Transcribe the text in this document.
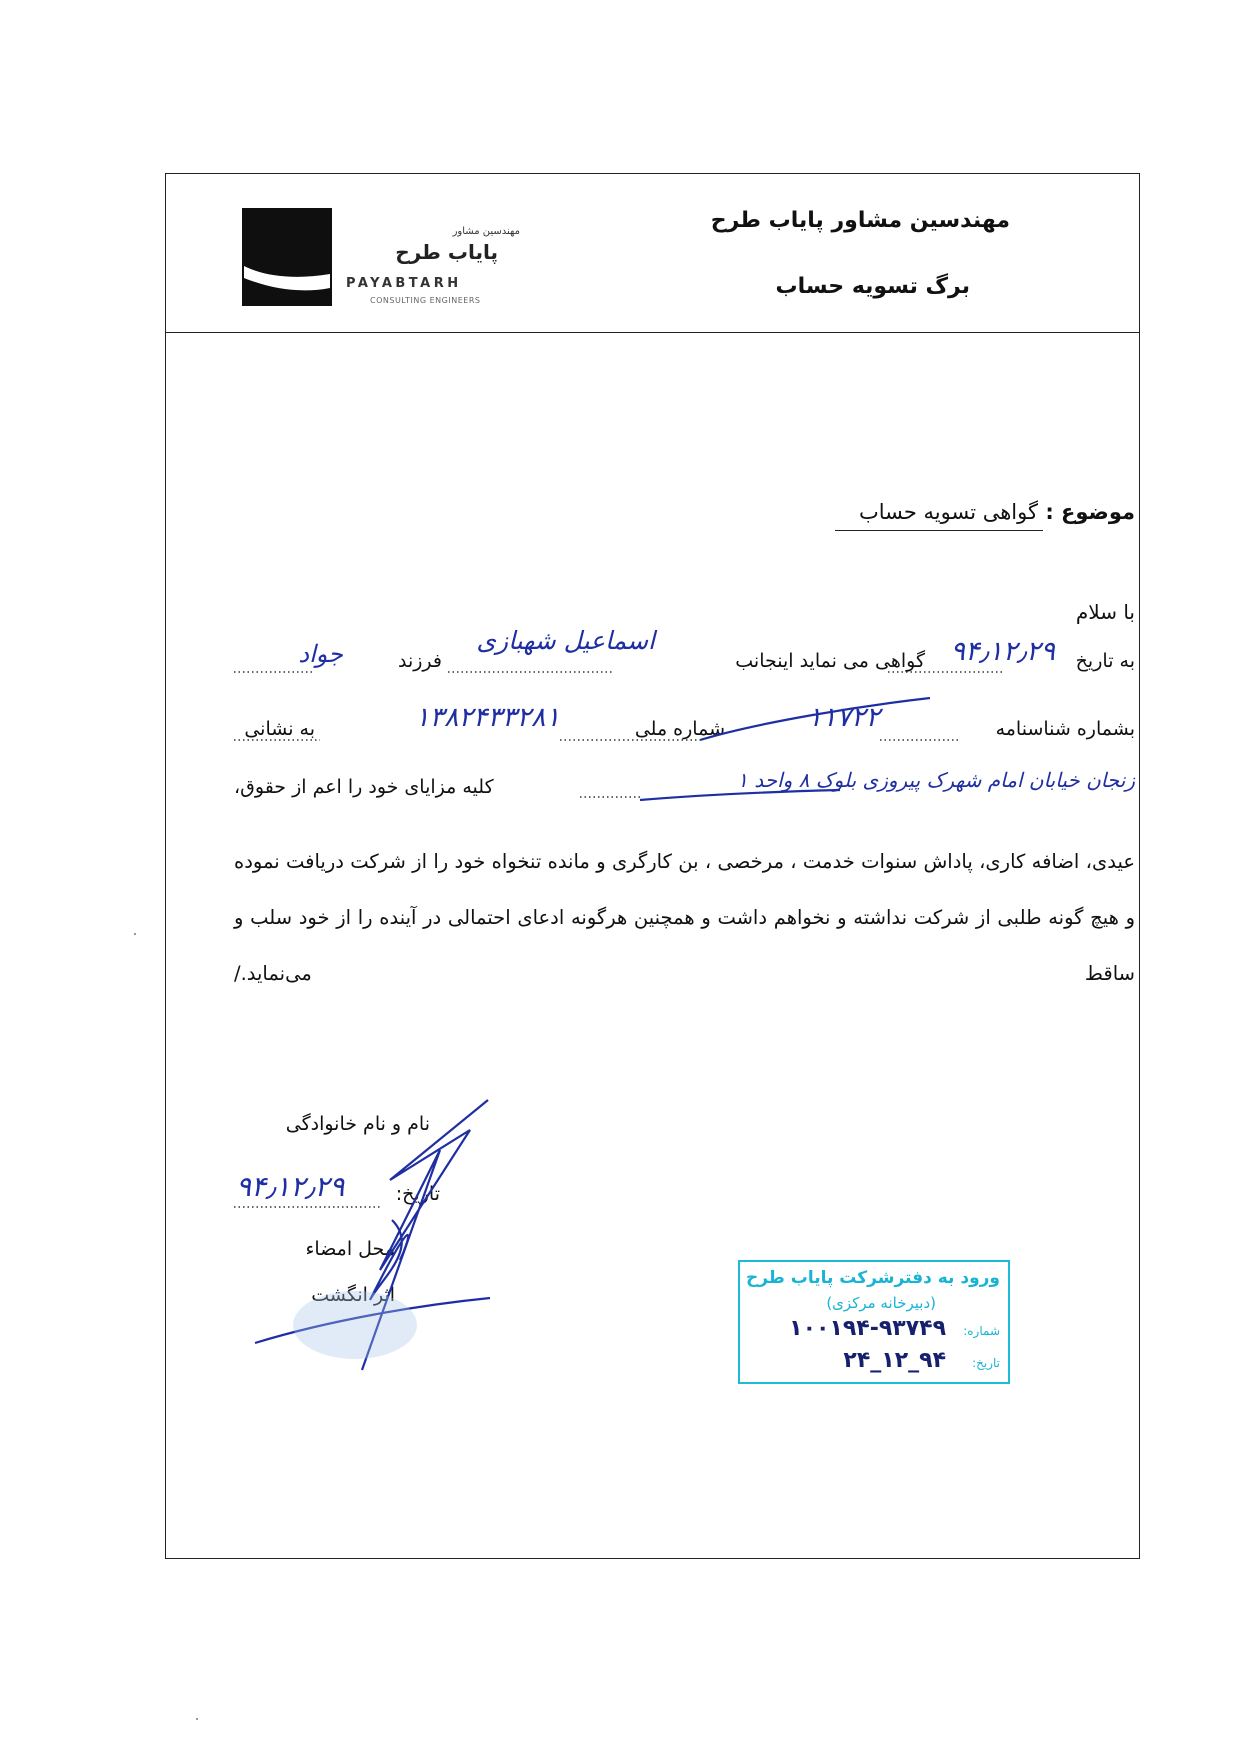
مهندسین مشاور پایاب طرح
برگ تسویه حساب
مهندسین مشاور
پایاب طرح
PAYABTARH
CONSULTING ENGINEERS
موضوع : گواهی تسویه حساب
با سلام
به تاریخ
۹۴٫۱۲٫۲۹
گواهی می نماید اینجانب
اسماعیل شهبازی
فرزند
جواد
بشماره شناسنامه
۱۱۷۲۲
شماره ملی
۱۳۸۲۴۳۳۲۸۱
به نشانی
زنجان خیابان امام شهرک پیروزی بلوک ۸ واحد ۱
کلیه مزایای خود را اعم از حقوق،
عیدی، اضافه کاری، پاداش سنوات خدمت ، مرخصی ، بن کارگری و مانده تنخواه خود را از شرکت دریافت نموده و هیچ گونه طلبی از شرکت نداشته و نخواهم داشت و همچنین هرگونه ادعای احتمالی در آینده را از خود سلب و ساقط می‌نماید./
نام و نام خانوادگی
تاریخ:
۹۴٫۱۲٫۲۹
محل امضاء
اثر انگشت
ورود به دفترشرکت پایاب طرح
(دبیرخانه مرکزی)
شماره:
۱۰۰۱۹۴-۹۳۷۴۹
تاریخ:
۹۴_۱۲_۲۴
